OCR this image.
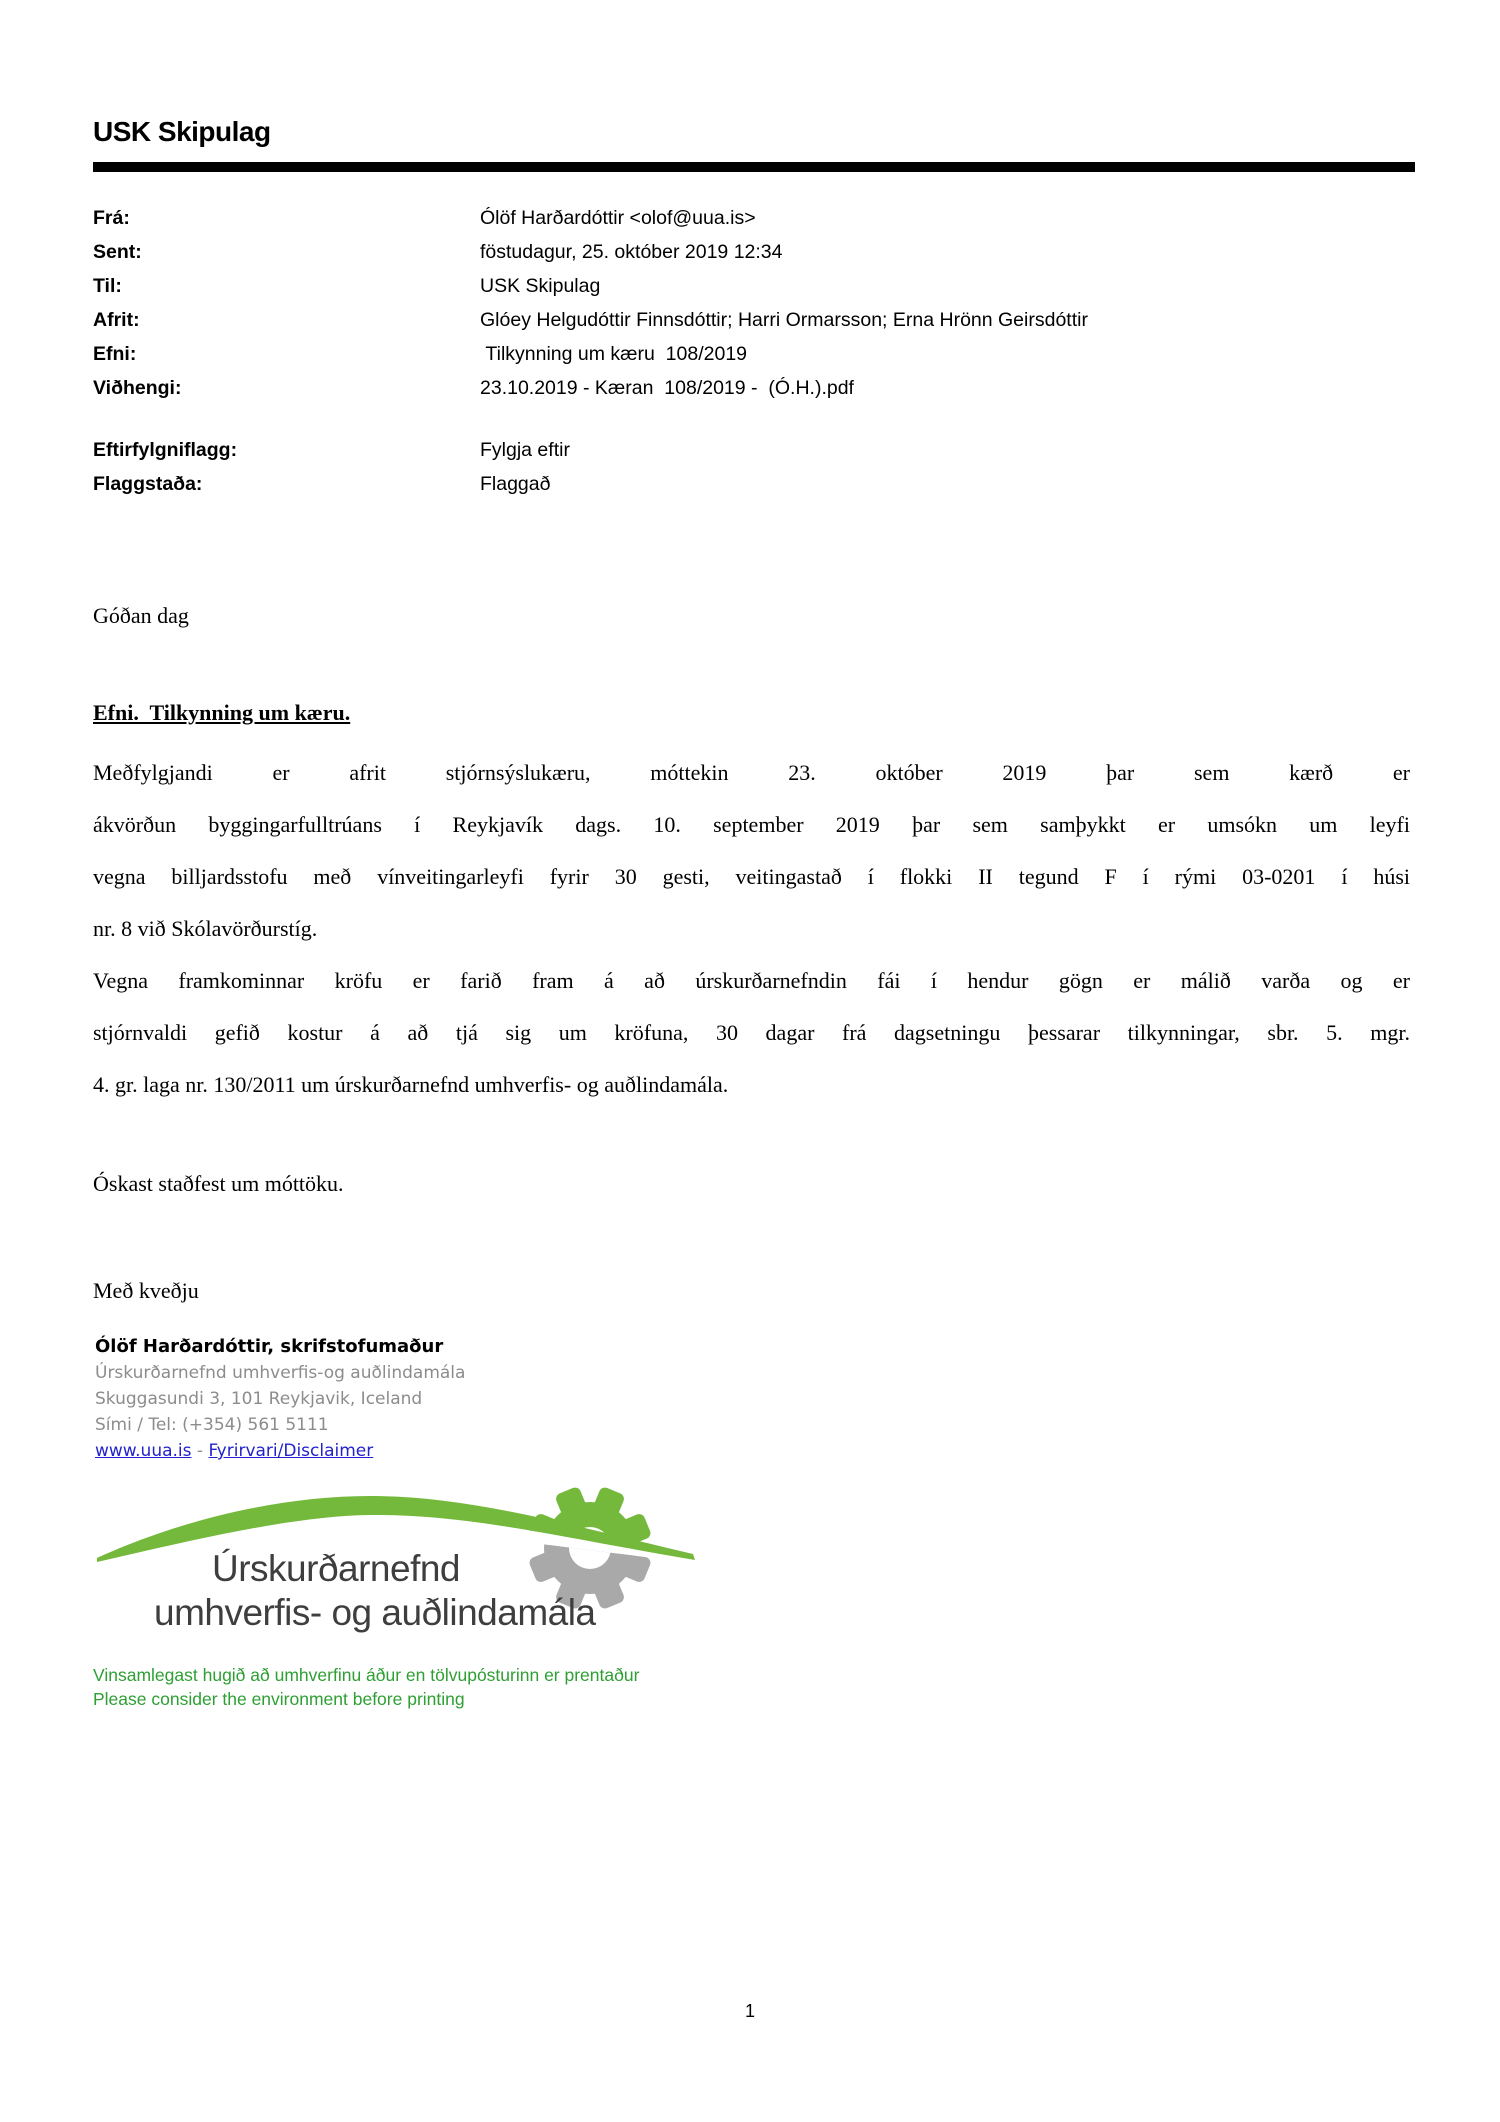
USK Skipulag
Frá:	Ólöf Harðardóttir <olof@uua.is>
Sent:	föstudagur, 25. október 2019 12:34
Til:	USK Skipulag
Afrit:	Glóey Helgudóttir Finnsdóttir; Harri Ormarsson; Erna Hrönn Geirsdóttir
Efni:	Tilkynning um kæru  108/2019
Viðhengi:	23.10.2019 - Kæran  108/2019 -  (Ó.H.).pdf
Eftirfylgniflagg:	Fylgja eftir
Flaggstaða:	Flaggað
Góðan dag
Efni.  Tilkynning um kæru.
Meðfylgjandi er afrit stjórnsýslukæru, móttekin 23. október 2019 þar sem kærð er
ákvörðun byggingarfulltrúans í Reykjavík dags. 10. september 2019 þar sem samþykkt er umsókn um leyfi
vegna billjardsstofu með vínveitingarleyfi fyrir 30 gesti, veitingastað í flokki II tegund F í rými 03-0201 í húsi
nr. 8 við Skólavörðurstíg.
Vegna framkominnar kröfu er farið fram á að úrskurðarnefndin fái í hendur gögn er málið varða og er
stjórnvaldi gefið kostur á að tjá sig um kröfuna, 30 dagar frá dagsetningu þessarar tilkynningar, sbr. 5. mgr.
4. gr. laga nr. 130/2011 um úrskurðarnefnd umhverfis- og auðlindamála.
Óskast staðfest um móttöku.
Með kveðju
Ólöf Harðardóttir, skrifstofumaður
Úrskurðarnefnd umhverfis-og auðlindamála
Skuggasundi 3, 101 Reykjavik, Iceland
Sími / Tel: (+354) 561 5111
www.uua.is - Fyrirvari/Disclaimer
Úrskurðarnefnd
umhverfis- og auðlindamála
Vinsamlegast hugið að umhverfinu áður en tölvupósturinn er prentaður
Please consider the environment before printing
1
